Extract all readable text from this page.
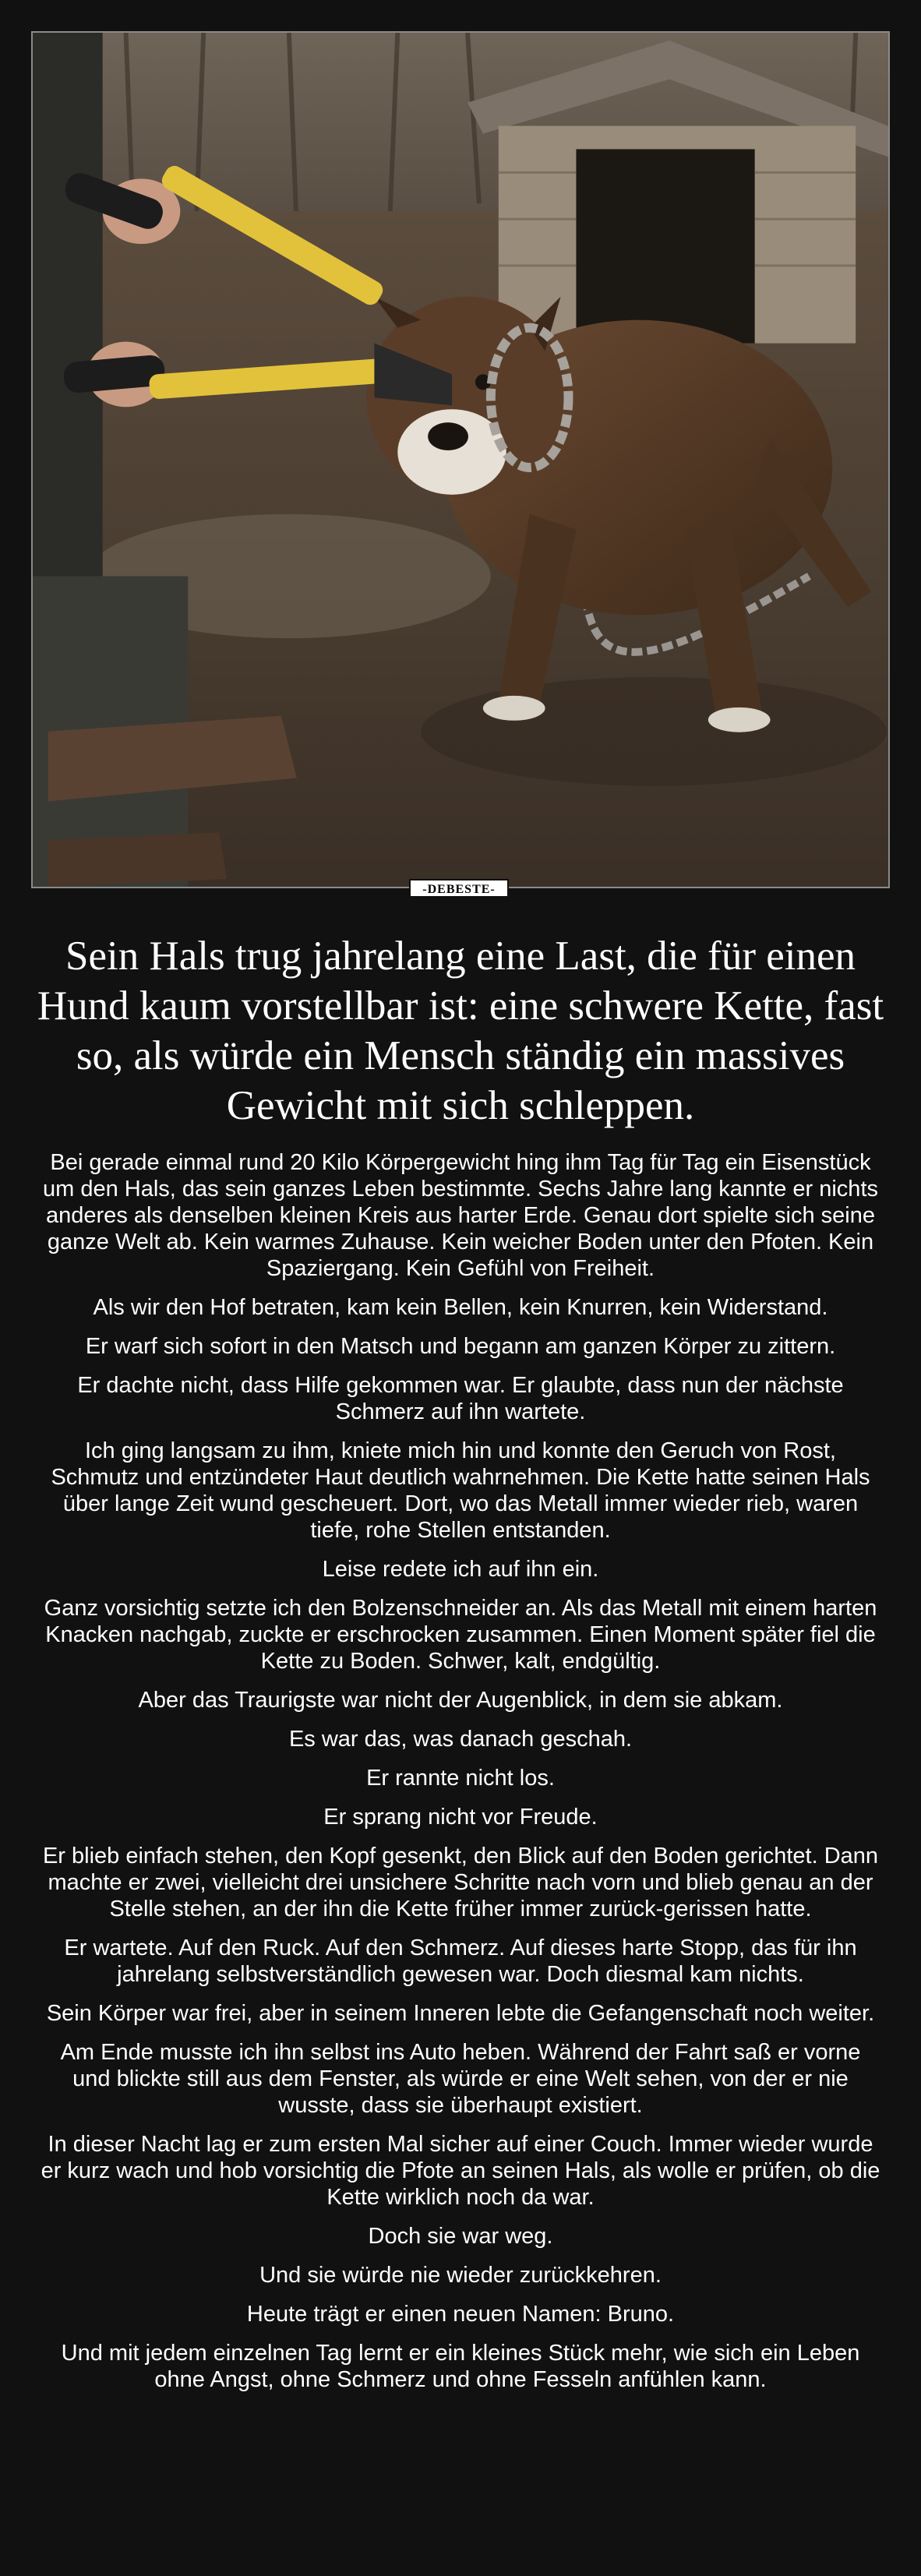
-DEBESTE-
Sein Hals trug jahrelang eine Last, die für einen Hund kaum vorstellbar ist: eine schwere Kette, fast so, als würde ein Mensch ständig ein massives Gewicht mit sich schleppen.

Bei gerade einmal rund 20 Kilo Körpergewicht hing ihm Tag für Tag ein Eisenstück um den Hals, das sein ganzes Leben bestimmte. Sechs Jahre lang kannte er nichts anderes als denselben kleinen Kreis aus harter Erde. Genau dort spielte sich seine ganze Welt ab. Kein warmes Zuhause. Kein weicher Boden unter den Pfoten. Kein Spaziergang. Kein Gefühl von Freiheit.

Als wir den Hof betraten, kam kein Bellen, kein Knurren, kein Widerstand.

Er warf sich sofort in den Matsch und begann am ganzen Körper zu zittern.

Er dachte nicht, dass Hilfe gekommen war. Er glaubte, dass nun der nächste Schmerz auf ihn wartete.

Ich ging langsam zu ihm, kniete mich hin und konnte den Geruch von Rost, Schmutz und entzündeter Haut deutlich wahrnehmen. Die Kette hatte seinen Hals über lange Zeit wund gescheuert. Dort, wo das Metall immer wieder rieb, waren tiefe, rohe Stellen entstanden.

Leise redete ich auf ihn ein.

Ganz vorsichtig setzte ich den Bolzenschneider an. Als das Metall mit einem harten Knacken nachgab, zuckte er erschrocken zusammen. Einen Moment später fiel die Kette zu Boden. Schwer, kalt, endgültig.

Aber das Traurigste war nicht der Augenblick, in dem sie abkam.

Es war das, was danach geschah.

Er rannte nicht los.

Er sprang nicht vor Freude.

Er blieb einfach stehen, den Kopf gesenkt, den Blick auf den Boden gerichtet. Dann machte er zwei, vielleicht drei unsichere Schritte nach vorn und blieb genau an der Stelle stehen, an der ihn die Kette früher immer zurück-gerissen hatte.

Er wartete. Auf den Ruck. Auf den Schmerz. Auf dieses harte Stopp, das für ihn jahrelang selbstverständlich gewesen war. Doch diesmal kam nichts.

Sein Körper war frei, aber in seinem Inneren lebte die Gefangenschaft noch weiter.

Am Ende musste ich ihn selbst ins Auto heben. Während der Fahrt saß er vorne und blickte still aus dem Fenster, als würde er eine Welt sehen, von der er nie wusste, dass sie überhaupt existiert.

In dieser Nacht lag er zum ersten Mal sicher auf einer Couch. Immer wieder wurde er kurz wach und hob vorsichtig die Pfote an seinen Hals, als wolle er prüfen, ob die Kette wirklich noch da war.

Doch sie war weg.

Und sie würde nie wieder zurückkehren.

Heute trägt er einen neuen Namen: Bruno.

Und mit jedem einzelnen Tag lernt er ein kleines Stück mehr, wie sich ein Leben ohne Angst, ohne Schmerz und ohne Fesseln anfühlen kann.
